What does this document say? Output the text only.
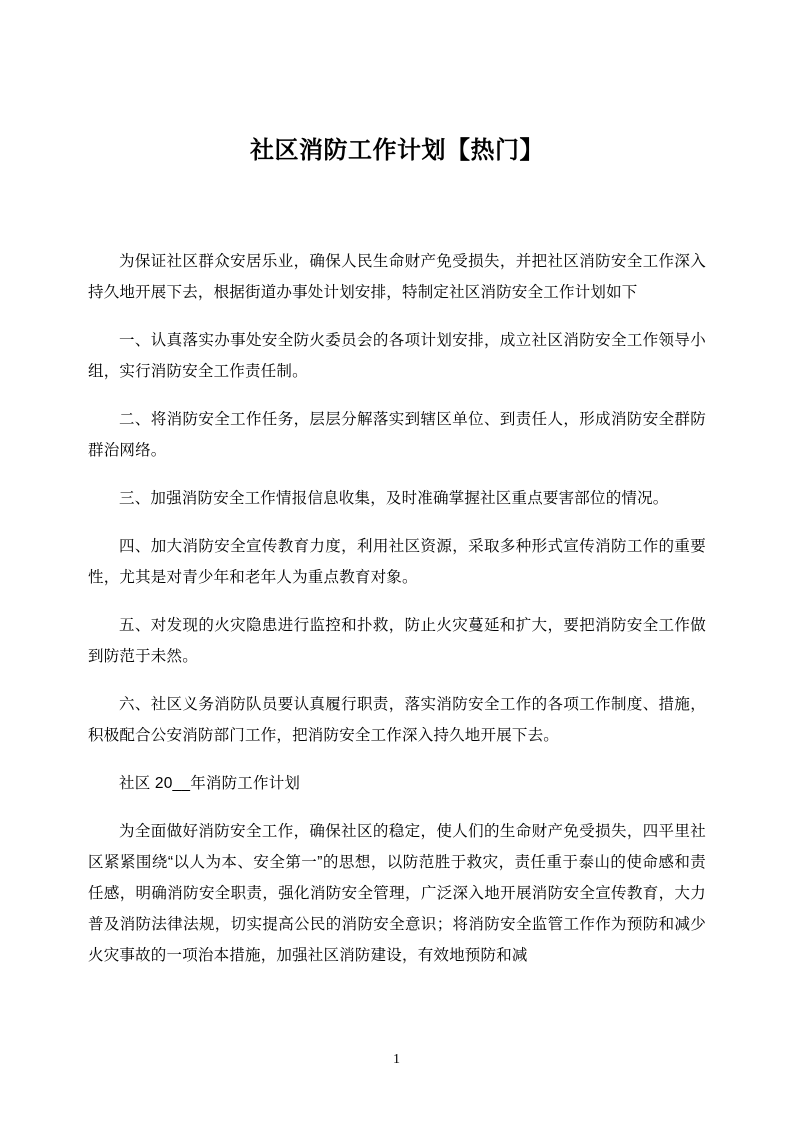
社区消防工作计划【热门】

为保证社区群众安居乐业，确保人民生命财产免受损失，并把社区消防安全工作深入持久地开展下去，根据街道办事处计划安排，特制定社区消防安全工作计划如下

一、认真落实办事处安全防火委员会的各项计划安排，成立社区消防安全工作领导小组，实行消防安全工作责任制。

二、将消防安全工作任务，层层分解落实到辖区单位、到责任人，形成消防安全群防群治网络。

三、加强消防安全工作情报信息收集，及时准确掌握社区重点要害部位的情况。

四、加大消防安全宣传教育力度，利用社区资源，采取多种形式宣传消防工作的重要性，尤其是对青少年和老年人为重点教育对象。

五、对发现的火灾隐患进行监控和扑救，防止火灾蔓延和扩大，要把消防安全工作做到防范于未然。

六、社区义务消防队员要认真履行职责，落实消防安全工作的各项工作制度、措施，积极配合公安消防部门工作，把消防安全工作深入持久地开展下去。

社区 20__年消防工作计划

为全面做好消防安全工作，确保社区的稳定，使人们的生命财产免受损失，四平里社区紧紧围绕“以人为本、安全第一”的思想，以防范胜于救灾，责任重于泰山的使命感和责任感，明确消防安全职责，强化消防安全管理，广泛深入地开展消防安全宣传教育，大力普及消防法律法规，切实提高公民的消防安全意识；将消防安全监管工作作为预防和减少火灾事故的一项治本措施，加强社区消防建设，有效地预防和减

1
